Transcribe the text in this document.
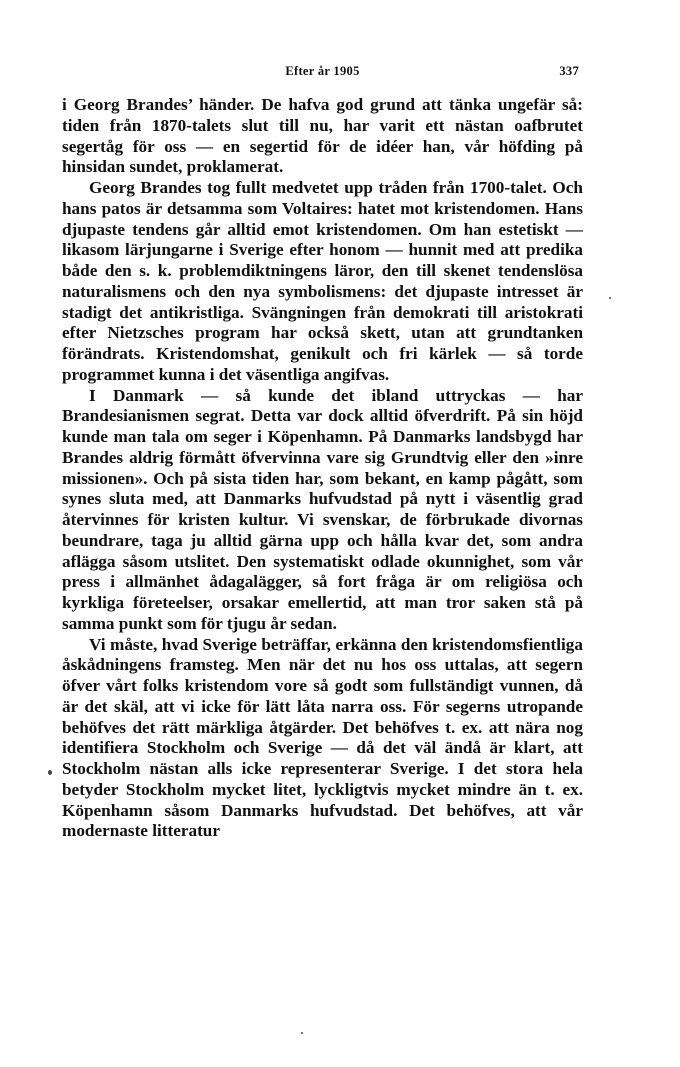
Efter år 1905	337

i Georg Brandes’ händer. De hafva god grund att tänka ungefär så: tiden från 1870-talets slut till nu, har varit ett nästan oafbrutet segertåg för oss — en segertid för de idéer han, vår höfding på hinsidan sundet, proklamerat.

Georg Brandes tog fullt medvetet upp tråden från 1700-talet. Och hans patos är detsamma som Voltaires: hatet mot kristendomen. Hans djupaste tendens går alltid emot kristendomen. Om han estetiskt — likasom lärjungarne i Sverige efter honom — hunnit med att predika både den s. k. problemdiktningens läror, den till skenet tendenslösa naturalismens och den nya symbolismens: det djupaste intresset är stadigt det antikristliga. Svängningen från demokrati till aristokrati efter Nietzsches program har också skett, utan att grundtanken förändrats. Kristendomshat, genikult och fri kärlek — så torde programmet kunna i det väsentliga angifvas.

I Danmark — så kunde det ibland uttryckas — har Brandesianismen segrat. Detta var dock alltid öfverdrift. På sin höjd kunde man tala om seger i Köpenhamn. På Danmarks landsbygd har Brandes aldrig förmått öfvervinna vare sig Grundtvig eller den »inre missionen». Och på sista tiden har, som bekant, en kamp pågått, som synes sluta med, att Danmarks hufvudstad på nytt i väsentlig grad återvinnes för kristen kultur. Vi svenskar, de förbrukade divornas beundrare, taga ju alltid gärna upp och hålla kvar det, som andra aflägga såsom utslitet. Den systematiskt odlade okunnighet, som vår press i allmänhet ådagalägger, så fort fråga är om religiösa och kyrkliga företeelser, orsakar emellertid, att man tror saken stå på samma punkt som för tjugu år sedan.

Vi måste, hvad Sverige beträffar, erkänna den kristendomsfientliga åskådningens framsteg. Men när det nu hos oss uttalas, att segern öfver vårt folks kristendom vore så godt som fullständigt vunnen, då är det skäl, att vi icke för lätt låta narra oss. För segerns utropande behöfves det rätt märkliga åtgärder. Det behöfves t. ex. att nära nog identifiera Stockholm och Sverige — då det väl ändå är klart, att Stockholm nästan alls icke representerar Sverige. I det stora hela betyder Stockholm mycket litet, lyckligtvis mycket mindre än t. ex. Köpenhamn såsom Danmarks hufvudstad. Det behöfves, att vår modernaste litteratur
